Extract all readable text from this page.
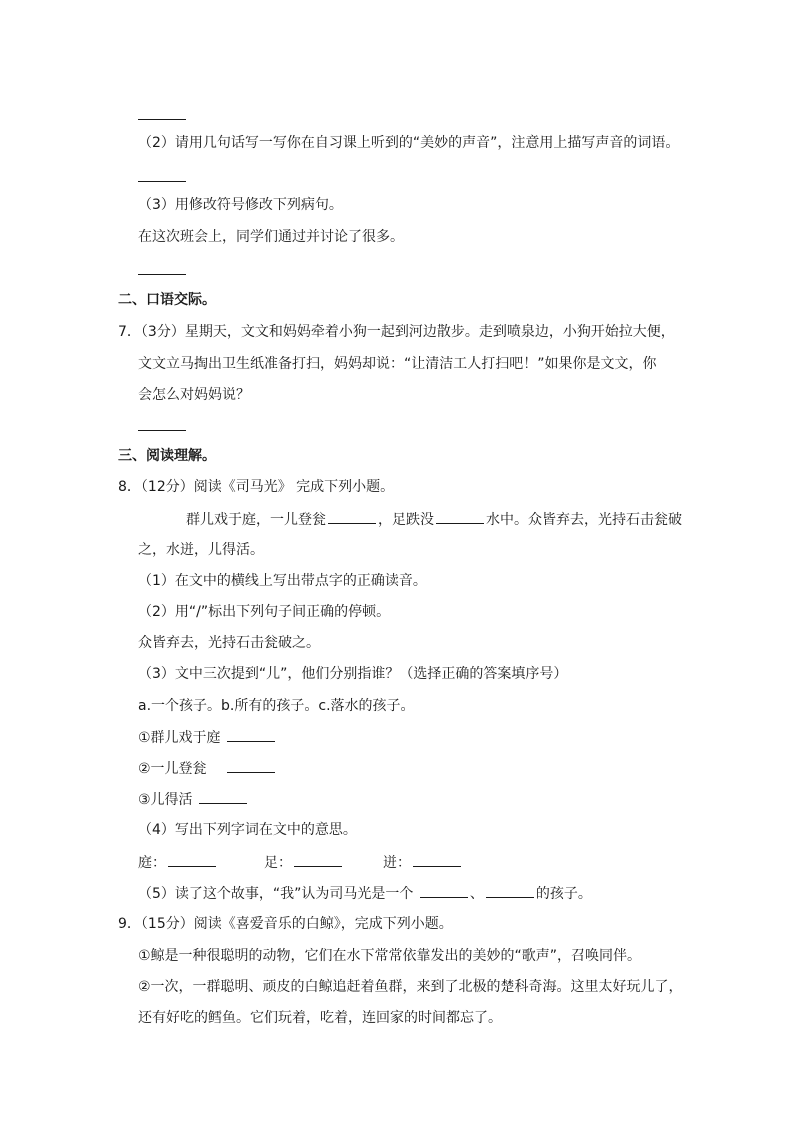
（2）请用几句话写一写你在自习课上听到的“美妙的声音”，注意用上描写声音的词语。
（3）用修改符号修改下列病句。
在这次班会上，同学们通过并讨论了很多。
二、口语交际。
7．（3分）星期天，文文和妈妈牵着小狗一起到河边散步。走到喷泉边，小狗开始拉大便，
文文立马掏出卫生纸准备打扫，妈妈却说：“让清洁工人打扫吧！”如果你是文文，你
会怎么对妈妈说？
三、阅读理解。
8．（12分）阅读《司马光》 完成下列小题。
群儿戏于庭，一儿登瓮	，足跌没	水中。众皆弃去，光持石击瓮破
之，水迸，儿得活。
（1）在文中的横线上写出带点字的正确读音。
（2）用“/”标出下列句子间正确的停顿。
众皆弃去，光持石击瓮破之。
（3）文中三次提到“儿”，他们分别指谁？（选择正确的答案填序号）
a.一个孩子。b.所有的孩子。c.落水的孩子。
①群儿戏于庭
②一儿登瓮
③儿得活
（4）写出下列字词在文中的意思。
庭：	足：	迸：
（5）读了这个故事，“我”认为司马光是一个	、	的孩子。
9．（15分）阅读《喜爱音乐的白鲸》，完成下列小题。
①鲸是一种很聪明的动物，它们在水下常常依靠发出的美妙的“歌声”，召唤同伴。
②一次，一群聪明、顽皮的白鲸追赶着鱼群，来到了北极的楚科奇海。这里太好玩儿了，
还有好吃的鳕鱼。它们玩着，吃着，连回家的时间都忘了。
